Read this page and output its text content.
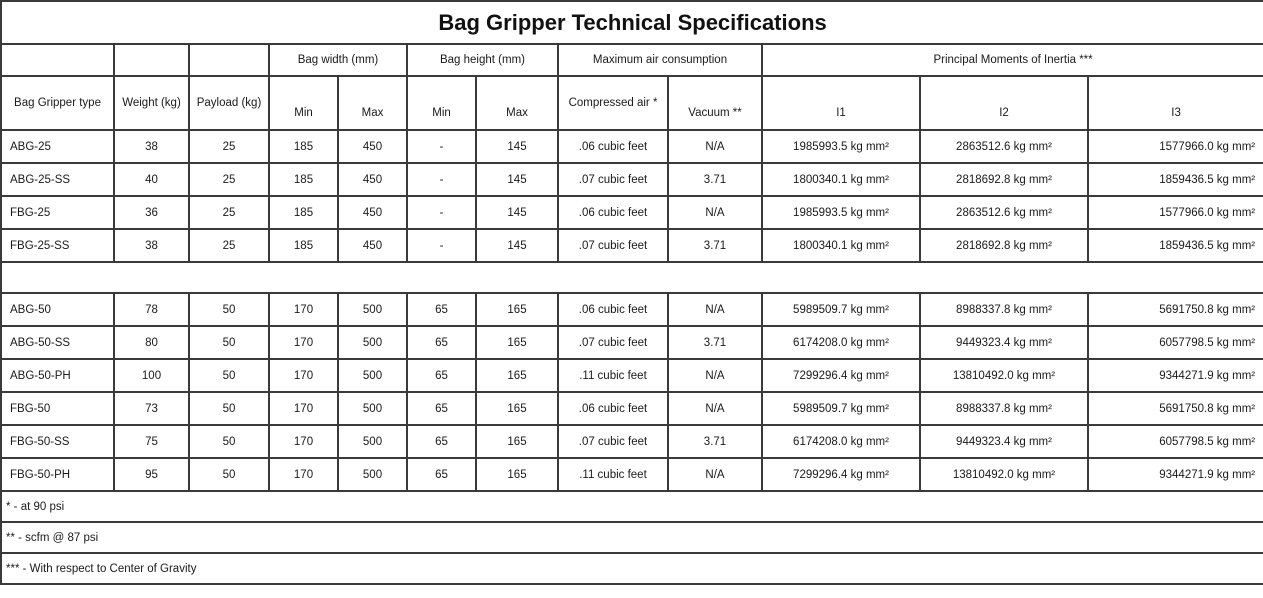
Bag Gripper Technical Specifications											
			Bag width (mm)		Bag height (mm)		Maximum air consumption		Principal Moments of Inertia ***		
Bag Gripper type	Weight (kg)	Payload (kg)	Min	Max	Min	Max	Compressed air *	Vacuum **	I1	I2	I3
ABG-25	38	25	185	450	-	145	.06 cubic feet	N/A	1985993.5 kg mm²	2863512.6 kg mm²	1577966.0 kg mm²
ABG-25-SS	40	25	185	450	-	145	.07 cubic feet	3.71	1800340.1 kg mm²	2818692.8 kg mm²	1859436.5 kg mm²
FBG-25	36	25	185	450	-	145	.06 cubic feet	N/A	1985993.5 kg mm²	2863512.6 kg mm²	1577966.0 kg mm²
FBG-25-SS	38	25	185	450	-	145	.07 cubic feet	3.71	1800340.1 kg mm²	2818692.8 kg mm²	1859436.5 kg mm²

ABG-50	78	50	170	500	65	165	.06 cubic feet	N/A	5989509.7 kg mm²	8988337.8 kg mm²	5691750.8 kg mm²
ABG-50-SS	80	50	170	500	65	165	.07 cubic feet	3.71	6174208.0 kg mm²	9449323.4 kg mm²	6057798.5 kg mm²
ABG-50-PH	100	50	170	500	65	165	.11 cubic feet	N/A	7299296.4 kg mm²	13810492.0 kg mm²	9344271.9 kg mm²
FBG-50	73	50	170	500	65	165	.06 cubic feet	N/A	5989509.7 kg mm²	8988337.8 kg mm²	5691750.8 kg mm²
FBG-50-SS	75	50	170	500	65	165	.07 cubic feet	3.71	6174208.0 kg mm²	9449323.4 kg mm²	6057798.5 kg mm²
FBG-50-PH	95	50	170	500	65	165	.11 cubic feet	N/A	7299296.4 kg mm²	13810492.0 kg mm²	9344271.9 kg mm²
* - at 90 psi											
** - scfm @ 87 psi											
*** - With respect to Center of Gravity											
